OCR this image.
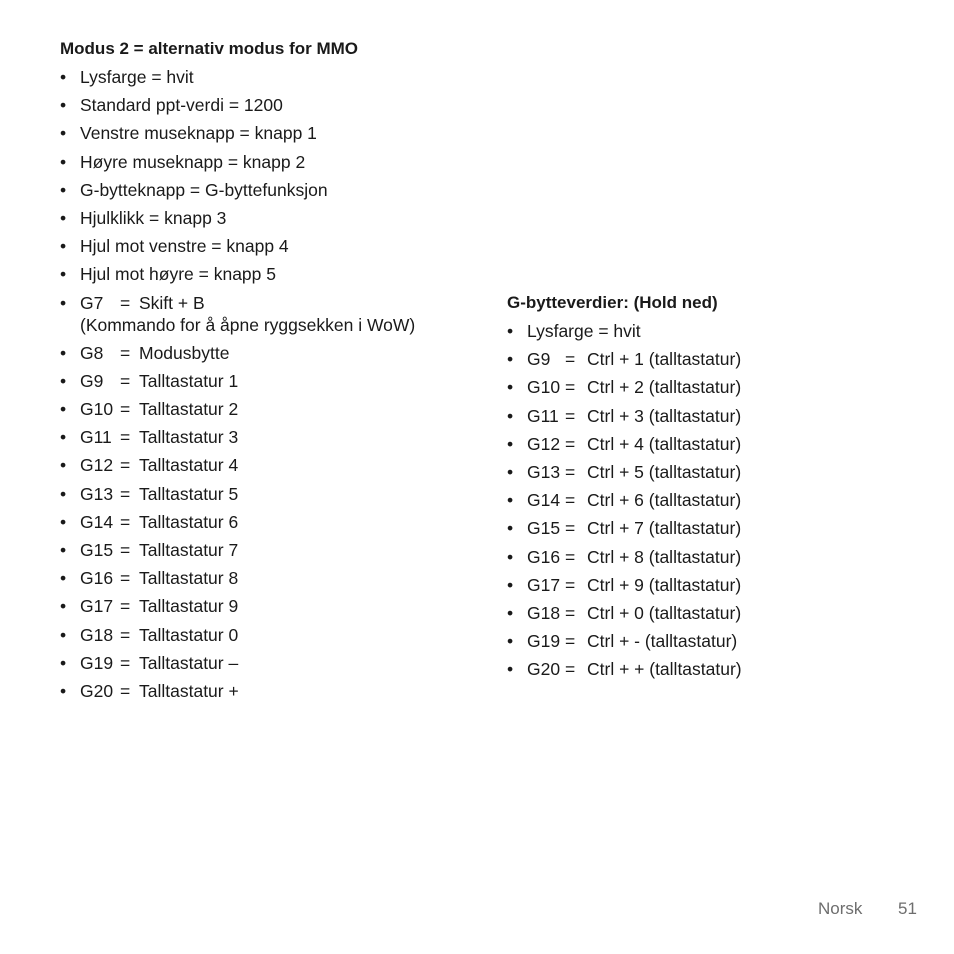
Modus 2 = alternativ modus for MMO
• Lysfarge = hvit
• Standard ppt-verdi = 1200
• Venstre museknapp = knapp 1
• Høyre museknapp = knapp 2
• G-bytteknapp = G-byttefunksjon
• Hjulklikk = knapp 3
• Hjul mot venstre = knapp 4
• Hjul mot høyre = knapp 5
• G7 = Skift + B
(Kommando for å åpne ryggsekken i WoW)
• G8 = Modusbytte
• G9 = Talltastatur 1
• G10 = Talltastatur 2
• G11 = Talltastatur 3
• G12 = Talltastatur 4
• G13 = Talltastatur 5
• G14 = Talltastatur 6
• G15 = Talltastatur 7
• G16 = Talltastatur 8
• G17 = Talltastatur 9
• G18 = Talltastatur 0
• G19 = Talltastatur –
• G20 = Talltastatur +
G-bytteverdier: (Hold ned)
• Lysfarge = hvit
• G9 = Ctrl + 1 (talltastatur)
• G10 = Ctrl + 2 (talltastatur)
• G11 = Ctrl + 3 (talltastatur)
• G12 = Ctrl + 4 (talltastatur)
• G13 = Ctrl + 5 (talltastatur)
• G14 = Ctrl + 6 (talltastatur)
• G15 = Ctrl + 7 (talltastatur)
• G16 = Ctrl + 8 (talltastatur)
• G17 = Ctrl + 9 (talltastatur)
• G18 = Ctrl + 0 (talltastatur)
• G19 = Ctrl + - (talltastatur)
• G20 = Ctrl + + (talltastatur)
Norsk 51
